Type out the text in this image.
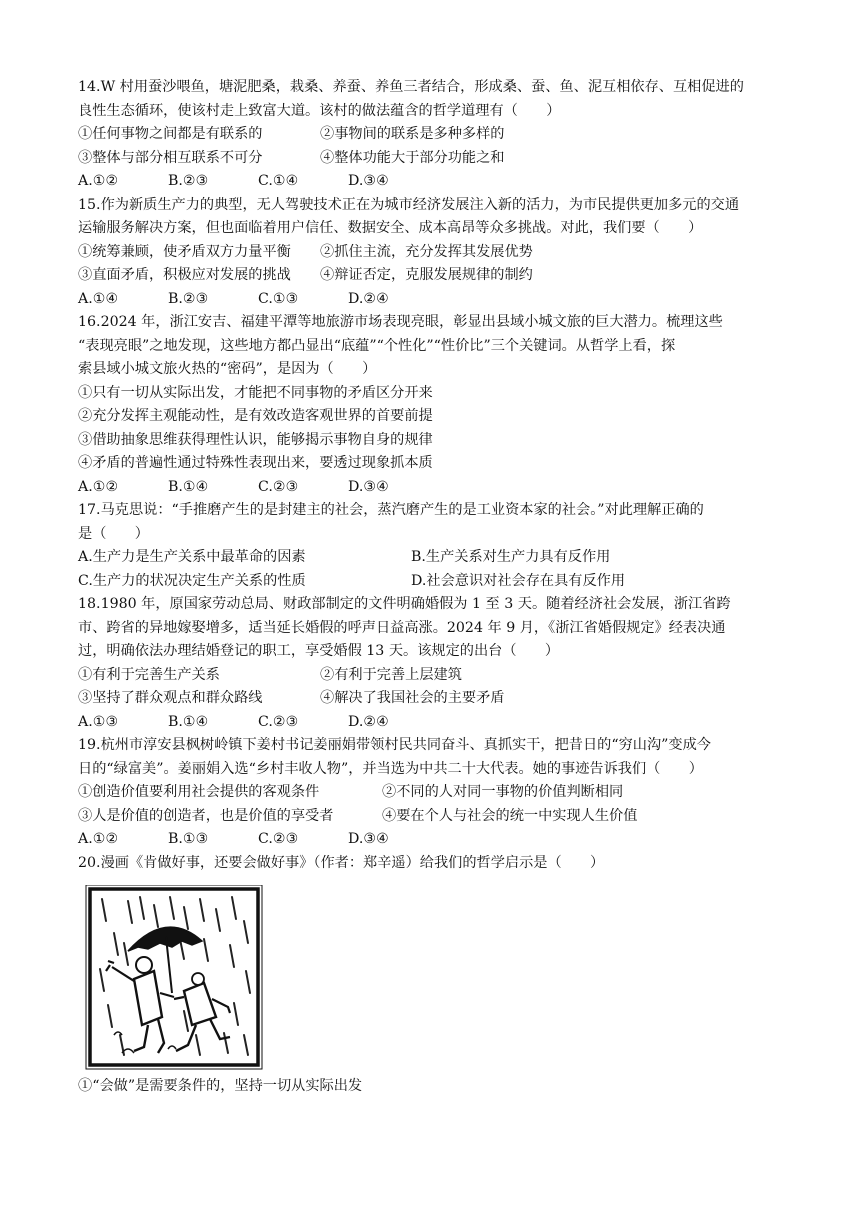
14.W 村用蚕沙喂鱼，塘泥肥桑，栽桑、养蚕、养鱼三者结合，形成桑、蚕、鱼、泥互相依存、互相促进的
良性生态循环，使该村走上致富大道。该村的做法蕴含的哲学道理有（　　）
①任何事物之间都是有联系的	②事物间的联系是多种多样的
③整体与部分相互联系不可分	④整体功能大于部分功能之和
A.①②	B.②③	C.①④	D.③④
15.作为新质生产力的典型，无人驾驶技术正在为城市经济发展注入新的活力，为市民提供更加多元的交通
运输服务解决方案，但也面临着用户信任、数据安全、成本高昂等众多挑战。对此，我们要（　　）
①统筹兼顾，使矛盾双方力量平衡	②抓住主流，充分发挥其发展优势
③直面矛盾，积极应对发展的挑战	④辩证否定，克服发展规律的制约
A.①④	B.②③	C.①③	D.②④
16.2024 年，浙江安吉、福建平潭等地旅游市场表现亮眼，彰显出县域小城文旅的巨大潜力。梳理这些
“表现亮眼”之地发现，这些地方都凸显出“底蕴”“个性化”“性价比”三个关键词。从哲学上看，探
索县域小城文旅火热的“密码”，是因为（　　）
①只有一切从实际出发，才能把不同事物的矛盾区分开来
②充分发挥主观能动性，是有效改造客观世界的首要前提
③借助抽象思维获得理性认识，能够揭示事物自身的规律
④矛盾的普遍性通过特殊性表现出来，要透过现象抓本质
A.①②	B.①④	C.②③	D.③④
17.马克思说：“手推磨产生的是封建主的社会，蒸汽磨产生的是工业资本家的社会。”对此理解正确的
是（　　）
A.生产力是生产关系中最革命的因素	B.生产关系对生产力具有反作用
C.生产力的状况决定生产关系的性质	D.社会意识对社会存在具有反作用
18.1980 年，原国家劳动总局、财政部制定的文件明确婚假为 1 至 3 天。随着经济社会发展，浙江省跨
市、跨省的异地嫁娶增多，适当延长婚假的呼声日益高涨。2024 年 9 月，《浙江省婚假规定》经表决通
过，明确依法办理结婚登记的职工，享受婚假 13 天。该规定的出台（　　）
①有利于完善生产关系	②有利于完善上层建筑
③坚持了群众观点和群众路线	④解决了我国社会的主要矛盾
A.①③	B.①④	C.②③	D.②④
19.杭州市淳安县枫树岭镇下姜村书记姜丽娟带领村民共同奋斗、真抓实干，把昔日的“穷山沟”变成今
日的“绿富美”。姜丽娟入选“乡村丰收人物”，并当选为中共二十大代表。她的事迹告诉我们（　　）
①创造价值要利用社会提供的客观条件	②不同的人对同一事物的价值判断相同
③人是价值的创造者，也是价值的享受者	④要在个人与社会的统一中实现人生价值
A.①②	B.①③	C.②③	D.③④
20.漫画《肯做好事，还要会做好事》（作者：郑辛遥）给我们的哲学启示是（　　）
①“会做”是需要条件的，坚持一切从实际出发
